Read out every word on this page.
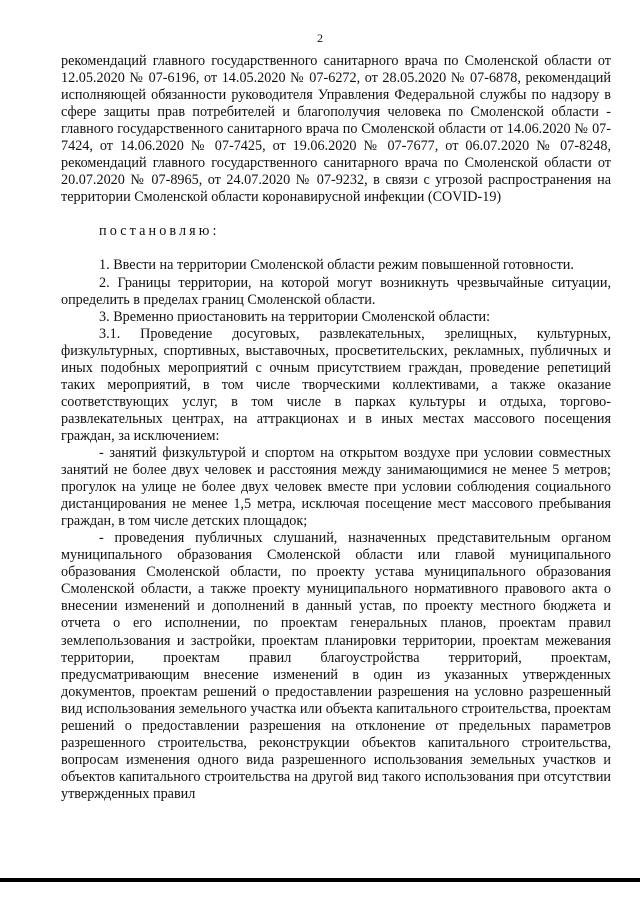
2

рекомендаций главного государственного санитарного врача по Смоленской области от 12.05.2020 № 07-6196, от 14.05.2020 № 07-6272, от 28.05.2020 № 07-6878, рекомендаций исполняющей обязанности руководителя Управления Федеральной службы по надзору в сфере защиты прав потребителей и благополучия человека по Смоленской области - главного государственного санитарного врача по Смоленской области от 14.06.2020 № 07-7424, от 14.06.2020 № 07-7425, от 19.06.2020 № 07-7677, от 06.07.2020 № 07-8248, рекомендаций главного государственного санитарного врача по Смоленской области от 20.07.2020 № 07-8965, от 24.07.2020 № 07-9232, в связи с угрозой распространения на территории Смоленской области коронавирусной инфекции (COVID-19)

постановляю:

1. Ввести на территории Смоленской области режим повышенной готовности.

2. Границы территории, на которой могут возникнуть чрезвычайные ситуации, определить в пределах границ Смоленской области.

3. Временно приостановить на территории Смоленской области:

3.1. Проведение досуговых, развлекательных, зрелищных, культурных, физкультурных, спортивных, выставочных, просветительских, рекламных, публичных и иных подобных мероприятий с очным присутствием граждан, проведение репетиций таких мероприятий, в том числе творческими коллективами, а также оказание соответствующих услуг, в том числе в парках культуры и отдыха, торгово-развлекательных центрах, на аттракционах и в иных местах массового посещения граждан, за исключением:

- занятий физкультурой и спортом на открытом воздухе при условии совместных занятий не более двух человек и расстояния между занимающимися не менее 5 метров; прогулок на улице не более двух человек вместе при условии соблюдения социального дистанцирования не менее 1,5 метра, исключая посещение мест массового пребывания граждан, в том числе детских площадок;

- проведения публичных слушаний, назначенных представительным органом муниципального образования Смоленской области или главой муниципального образования Смоленской области, по проекту устава муниципального образования Смоленской области, а также проекту муниципального нормативного правового акта о внесении изменений и дополнений в данный устав, по проекту местного бюджета и отчета о его исполнении, по проектам генеральных планов, проектам правил землепользования и застройки, проектам планировки территории, проектам межевания территории, проектам правил благоустройства территорий, проектам, предусматривающим внесение изменений в один из указанных утвержденных документов, проектам решений о предоставлении разрешения на условно разрешенный вид использования земельного участка или объекта капитального строительства, проектам решений о предоставлении разрешения на отклонение от предельных параметров разрешенного строительства, реконструкции объектов капитального строительства, вопросам изменения одного вида разрешенного использования земельных участков и объектов капитального строительства на другой вид такого использования при отсутствии утвержденных правил
